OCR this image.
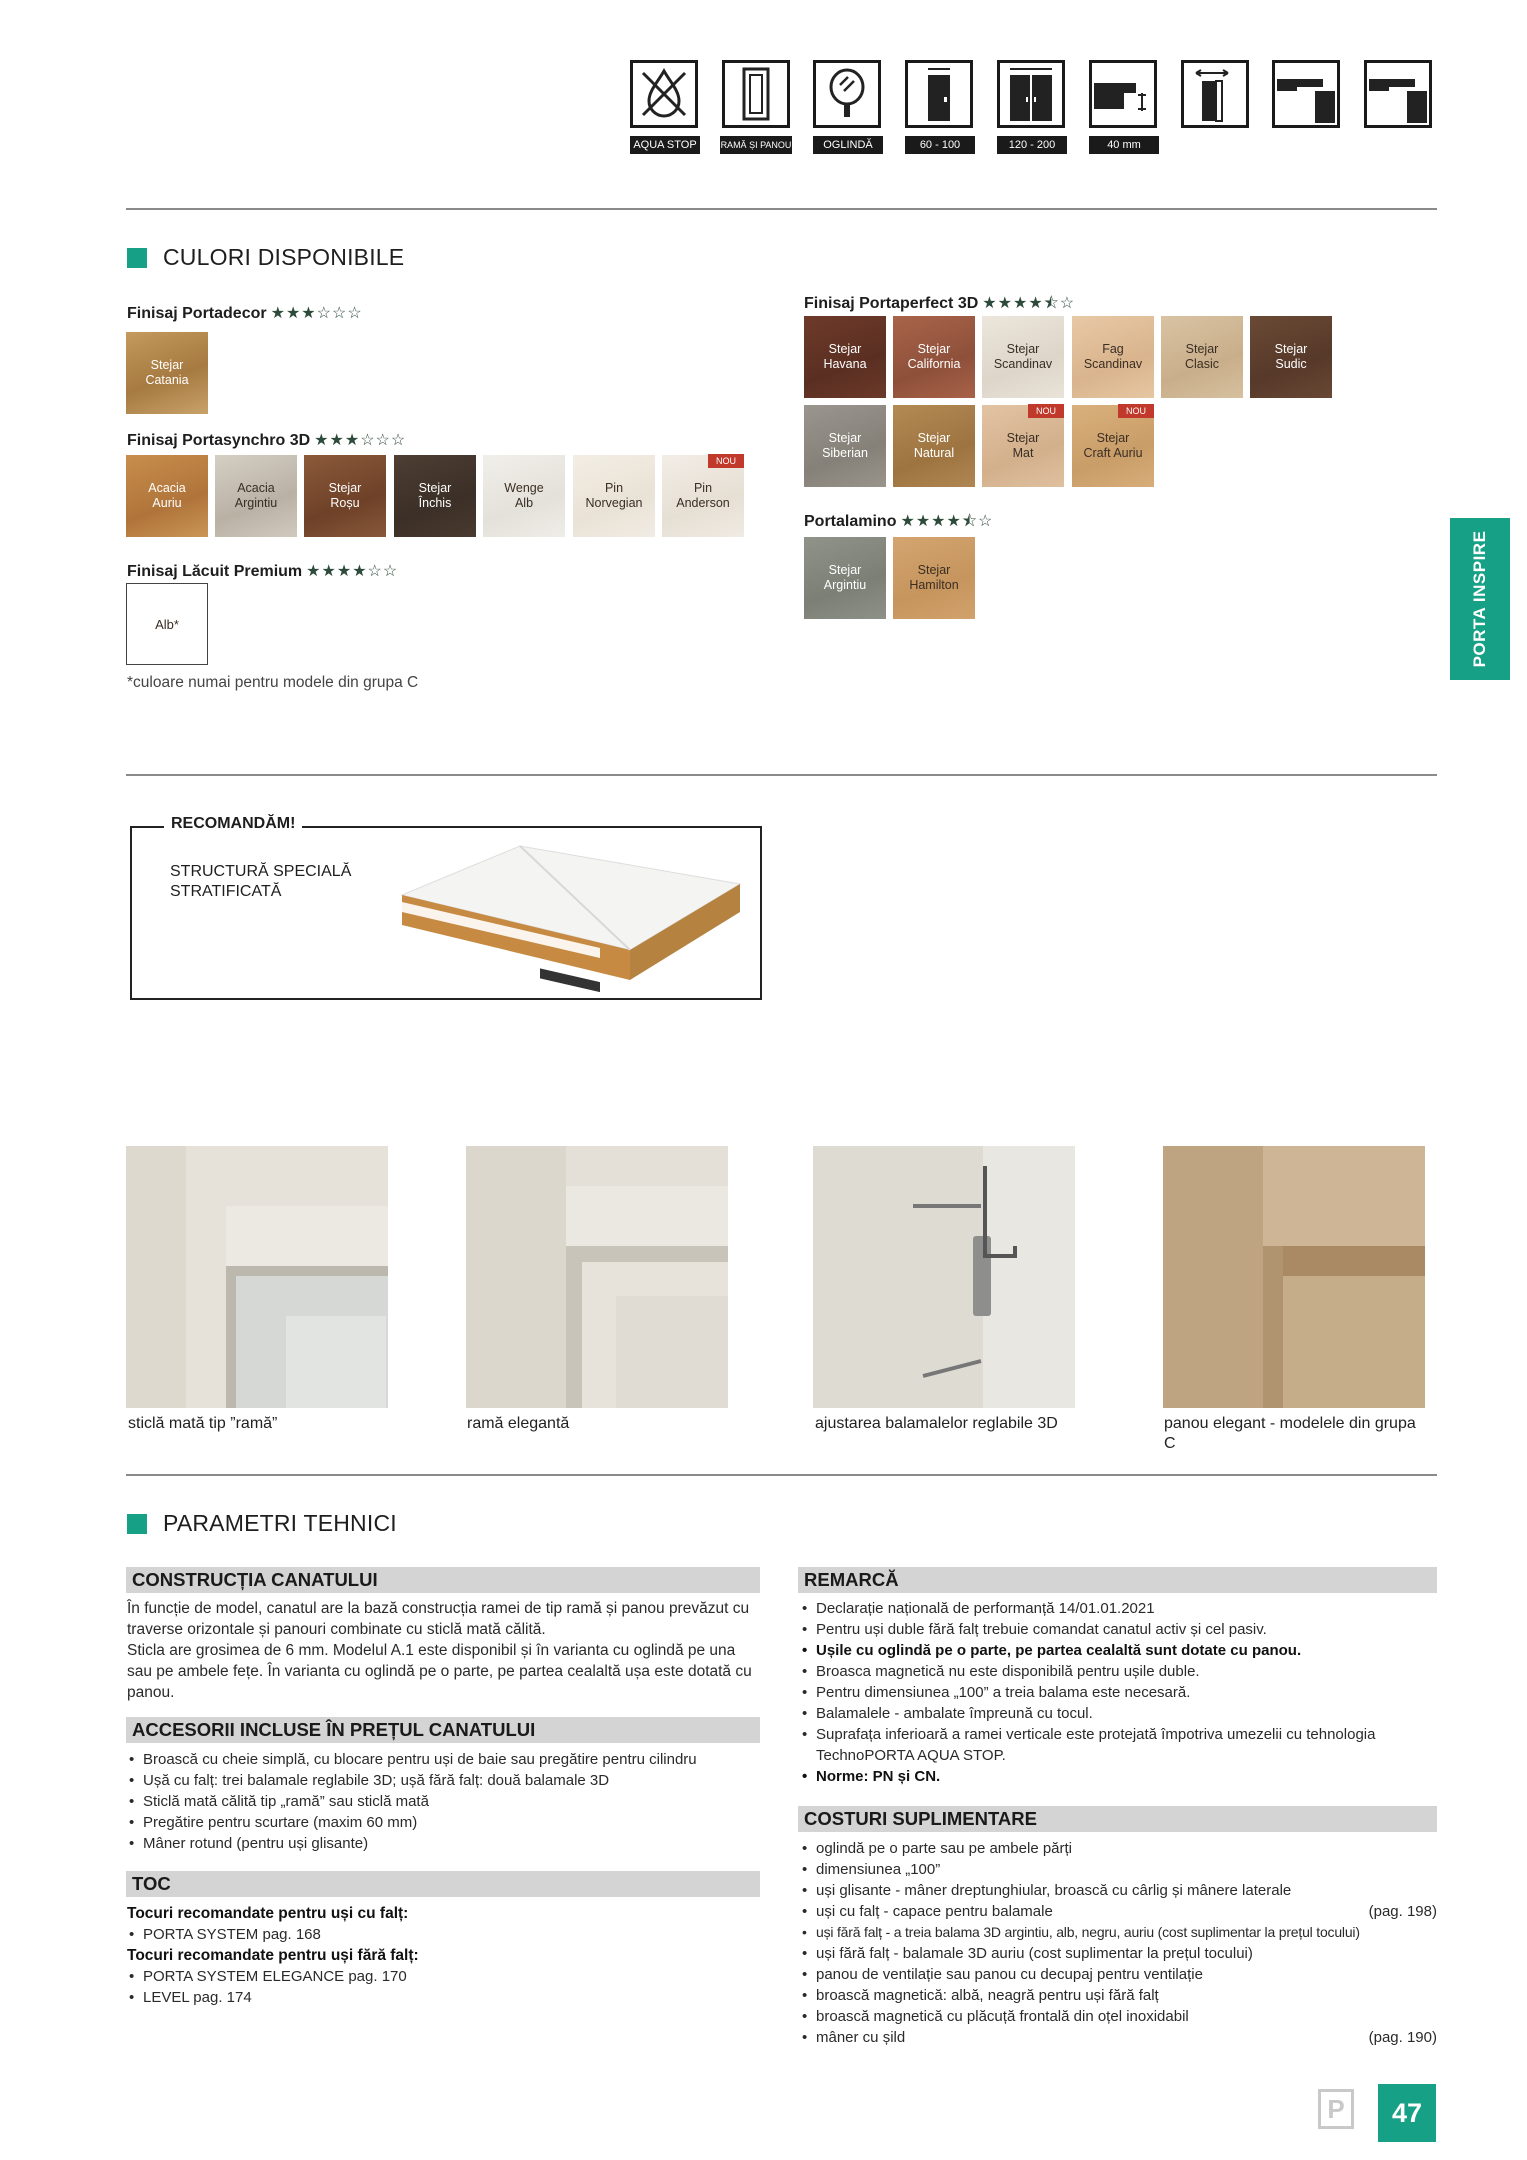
AQUA STOP	RAMĂ ȘI PANOU	OGLINDĂ	60 - 100	120 - 200	40 mm
CULORI DISPONIBILE
Finisaj Portadecor ★★★☆☆☆
Stejar
Catania
Finisaj Portasynchro 3D ★★★☆☆☆
Acacia
Auriu
Acacia
Argintiu
Stejar
Roșu
Stejar
Închis
Wenge
Alb
Pin
Norvegian
NOU
Pin
Anderson
Finisaj Lăcuit Premium ★★★★☆☆
Alb*
*culoare numai pentru modele din grupa C
Finisaj Portaperfect 3D ★★★★⯪☆
Stejar
Havana
Stejar
California
Stejar
Scandinav
Fag
Scandinav
Stejar
Clasic
Stejar
Sudic
Stejar
Siberian
Stejar
Natural
NOU
Stejar
Mat
NOU
Stejar
Craft Auriu
Portalamino ★★★★⯪☆
Stejar
Argintiu
Stejar
Hamilton	PORTA INSPIRE
RECOMANDĂM!
STRUCTURĂ SPECIALĂ
STRATIFICATĂ
sticlă mată tip ”ramă”	ramă elegantă	ajustarea balamalelor reglabile 3D	panou elegant - modelele din grupa C
PARAMETRI TEHNICI
CONSTRUCȚIA CANATULUI
În funcție de model, canatul are la bază construcția ramei de tip ramă și panou prevăzut cu traverse orizontale și panouri combinate cu sticlă mată călită.
Sticla are grosimea de 6 mm. Modelul A.1 este disponibil și în varianta cu oglindă pe una sau pe ambele fețe. În varianta cu oglindă pe o parte, pe partea cealaltă ușa este dotată cu panou.
ACCESORII INCLUSE ÎN PREȚUL CANATULUI
• Broască cu cheie simplă, cu blocare pentru uși de baie sau pregătire pentru cilindru
• Ușă cu falț: trei balamale reglabile 3D; ușă fără falț: două balamale 3D
• Sticlă mată călită tip „ramă” sau sticlă mată
• Pregătire pentru scurtare (maxim 60 mm)
• Mâner rotund (pentru uși glisante)
TOC
Tocuri recomandate pentru uși cu falț:
• PORTA SYSTEM pag. 168
Tocuri recomandate pentru uși fără falț:
• PORTA SYSTEM ELEGANCE pag. 170
• LEVEL pag. 174
REMARCĂ
• Declarație națională de performanță 14/01.01.2021
• Pentru uși duble fără falț trebuie comandat canatul activ și cel pasiv.
• Ușile cu oglindă pe o parte, pe partea cealaltă sunt dotate cu panou.
• Broasca magnetică nu este disponibilă pentru ușile duble.
• Pentru dimensiunea „100” a treia balama este necesară.
• Balamalele - ambalate împreună cu tocul.
• Suprafața inferioară a ramei verticale este protejată împotriva umezelii cu tehnologia TechnoPORTA AQUA STOP.
• Norme: PN și CN.
COSTURI SUPLIMENTARE
• oglindă pe o parte sau pe ambele părți
• dimensiunea „100”
• uși glisante - mâner dreptunghiular, broască cu cârlig și mânere laterale
• uși cu falț - capace pentru balamale	(pag. 198)
• uși fără falț - a treia balama 3D argintiu, alb, negru, auriu (cost suplimentar la prețul tocului)
• uși fără falț - balamale 3D auriu (cost suplimentar la prețul tocului)
• panou de ventilație sau panou cu decupaj pentru ventilație
• broască magnetică: albă, neagră pentru uși fără falț
• broască magnetică cu plăcuță frontală din oțel inoxidabil
• mâner cu șild	(pag. 190)
P	47
